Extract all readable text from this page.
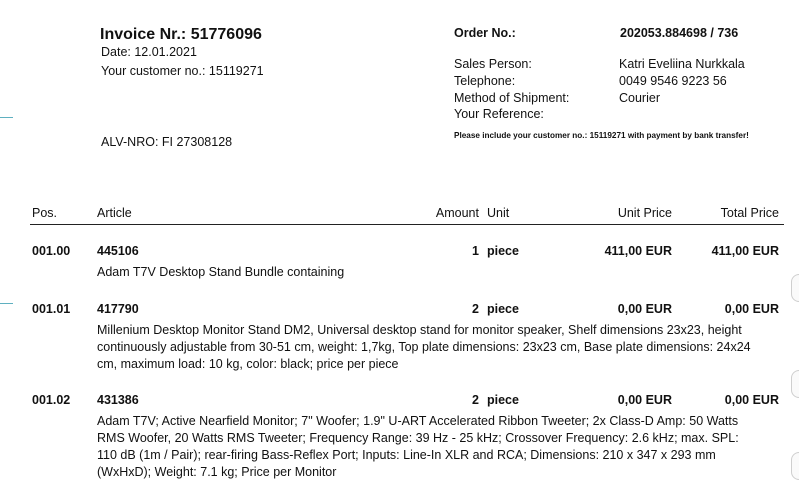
Invoice Nr.: 51776096
Date: 12.01.2021
Your customer no.: 15119271
ALV-NRO: FI 27308128
Order No.:	202053.884698 / 736
Sales Person:	Katri Eveliina Nurkkala
Telephone:	0049 9546 9223 56
Method of Shipment:	Courier
Your Reference:
Please include your customer no.: 15119271 with payment by bank transfer!
Pos.	Article	Amount Unit	Unit Price	Total Price
001.00 445106	1 piece	411,00 EUR	411,00 EUR
Adam T7V Desktop Stand Bundle containing
001.01 417790	2 piece	0,00 EUR	0,00 EUR
Millenium Desktop Monitor Stand DM2, Universal desktop stand for monitor speaker, Shelf dimensions 23x23, height continuously adjustable from 30-51 cm, weight: 1,7kg, Top plate dimensions: 23x23 cm, Base plate dimensions: 24x24 cm, maximum load: 10 kg, color: black; price per piece
001.02 431386	2 piece	0,00 EUR	0,00 EUR
Adam T7V; Active Nearfield Monitor; 7" Woofer; 1.9" U-ART Accelerated Ribbon Tweeter; 2x Class-D Amp: 50 Watts RMS Woofer, 20 Watts RMS Tweeter; Frequency Range: 39 Hz - 25 kHz; Crossover Frequency: 2.6 kHz; max. SPL: 110 dB (1m / Pair); rear-firing Bass-Reflex Port; Inputs: Line-In XLR and RCA; Dimensions: 210 x 347 x 293 mm (WxHxD); Weight: 7.1 kg; Price per Monitor
